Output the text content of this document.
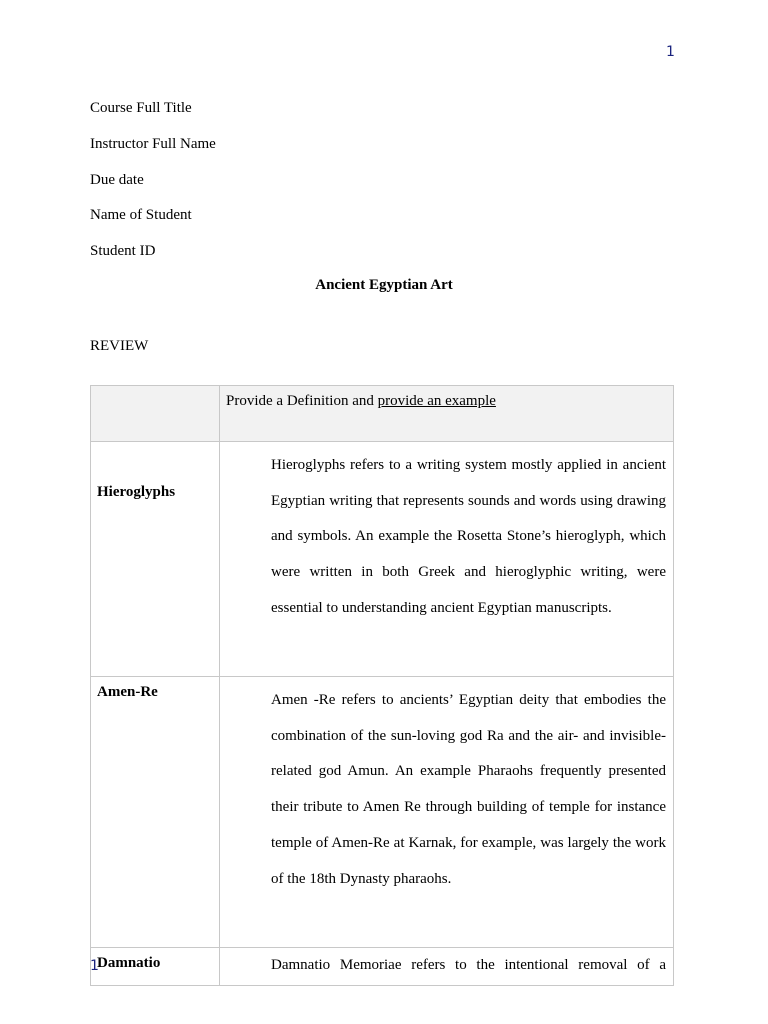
1
Course Full Title
Instructor Full Name
Due date
Name of Student
Student ID
Ancient Egyptian Art
REVIEW
	Provide a Definition and provide an example
Hieroglyphs	Hieroglyphs refers to a writing system mostly applied in ancient Egyptian writing that represents sounds and words using drawing and symbols. An example the Rosetta Stone’s hieroglyph, which were written in both Greek and hieroglyphic writing, were essential to understanding ancient Egyptian manuscripts.

Amen-Re	Amen -Re refers to ancients’ Egyptian deity that embodies the combination of the sun-loving god Ra and the air- and invisible-related god Amun. An example Pharaohs frequently presented their tribute to Amen Re through building of temple for instance temple of Amen-Re at Karnak, for example, was largely the work of the 18th Dynasty pharaohs.

Damnatio	Damnatio Memoriae refers to the intentional removal of a
1
